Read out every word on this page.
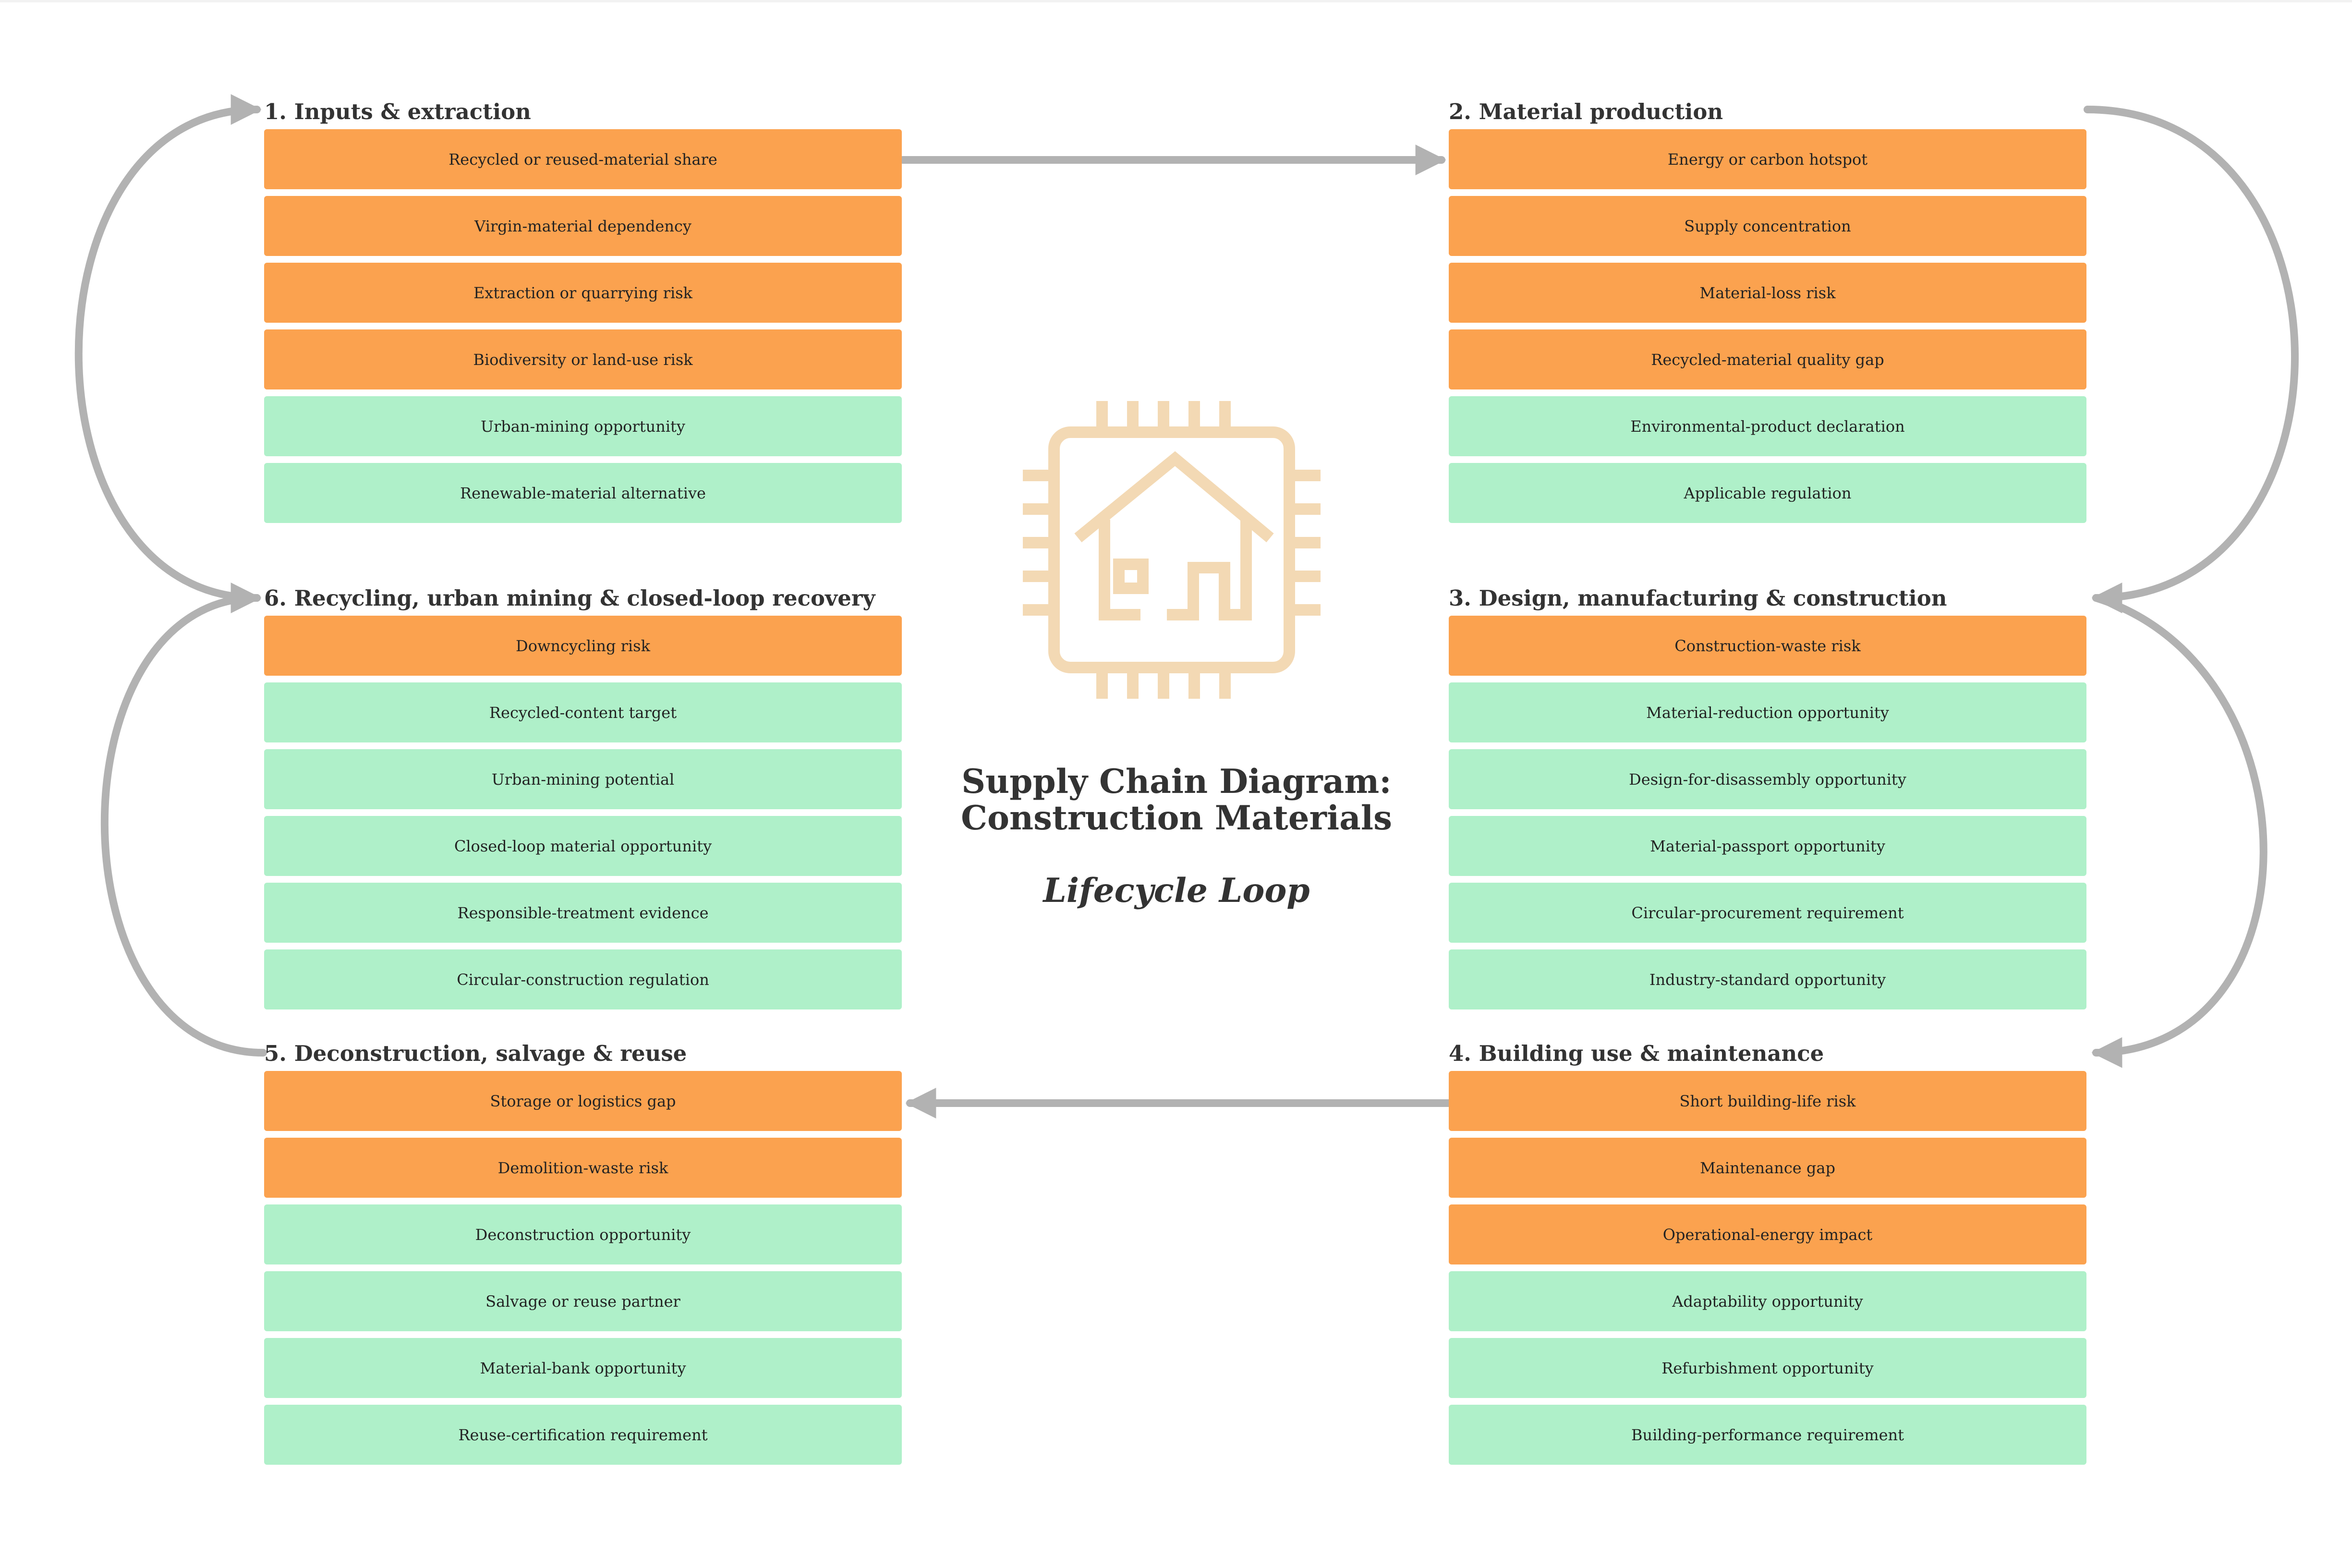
1. Inputs & extraction
Recycled or reused-material share
Virgin-material dependency
Extraction or quarrying risk
Biodiversity or land-use risk
Urban-mining opportunity
Renewable-material alternative
2. Material production
Energy or carbon hotspot
Supply concentration
Material-loss risk
Recycled-material quality gap
Environmental-product declaration
Applicable regulation
3. Design, manufacturing & construction
Construction-waste risk
Material-reduction opportunity
Design-for-disassembly opportunity
Material-passport opportunity
Circular-procurement requirement
Industry-standard opportunity
4. Building use & maintenance
Short building-life risk
Maintenance gap
Operational-energy impact
Adaptability opportunity
Refurbishment opportunity
Building-performance requirement
5. Deconstruction, salvage & reuse
Storage or logistics gap
Demolition-waste risk
Deconstruction opportunity
Salvage or reuse partner
Material-bank opportunity
Reuse-certification requirement
6. Recycling, urban mining & closed-loop recovery
Downcycling risk
Recycled-content target
Urban-mining potential
Closed-loop material opportunity
Responsible-treatment evidence
Circular-construction regulation
Supply Chain Diagram:
Construction Materials
Lifecycle Loop
